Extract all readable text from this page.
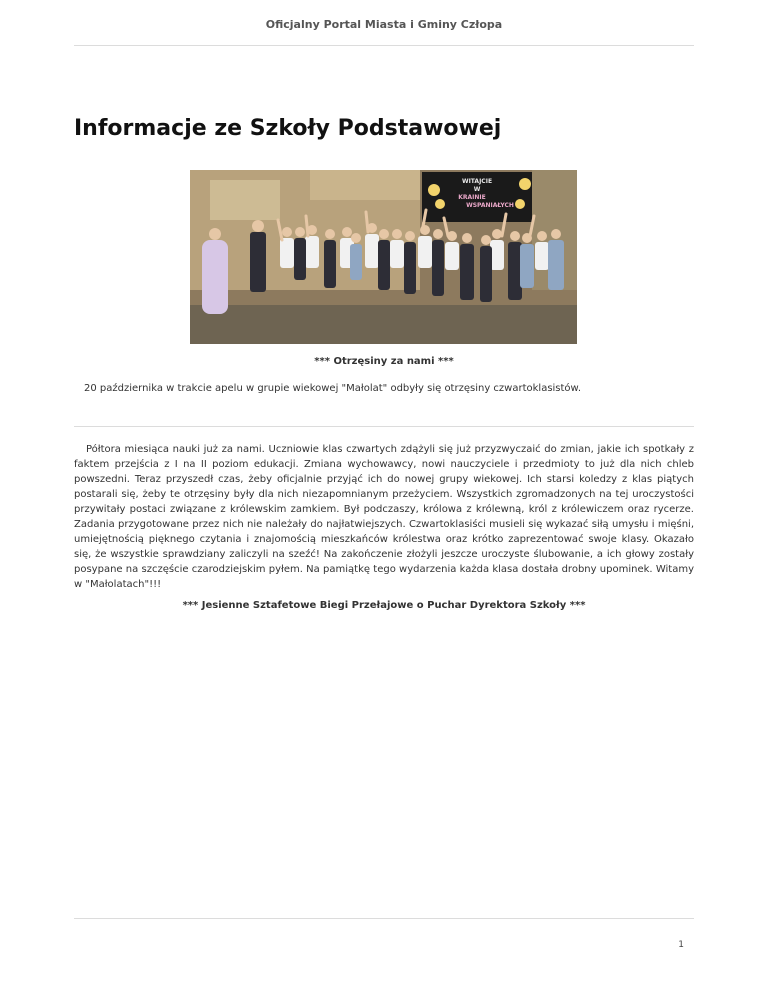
Oficjalny Portal Miasta i Gminy Człopa
Informacje ze Szkoły Podstawowej
WITAJCIE
W
KRAINIE
WSPANIAŁYCH
*** Otrzęsiny za nami ***
20 października w trakcie apelu w grupie wiekowej "Małolat" odbyły się otrzęsiny czwartoklasistów.

Półtora miesiąca nauki już za nami. Uczniowie klas czwartych zdążyli się już przyzwyczaić do zmian, jakie ich spotkały z faktem przejścia z I na II poziom edukacji. Zmiana wychowawcy, nowi nauczyciele i przedmioty to już dla nich chleb powszedni. Teraz przyszedł czas, żeby oficjalnie przyjąć ich do nowej grupy wiekowej. Ich starsi koledzy z klas piątych postarali się, żeby te otrzęsiny były dla nich niezapomnianym przeżyciem. Wszystkich zgromadzonych na tej uroczystości przywitały postaci związane z królewskim zamkiem. Był podczaszy, królowa z królewną, król z królewiczem oraz rycerze. Zadania przygotowane przez nich nie należały do najłatwiejszych. Czwartoklasiści musieli się wykazać siłą umysłu i mięśni, umiejętnością pięknego czytania i znajomością mieszkańców królestwa oraz krótko zaprezentować swoje klasy. Okazało się, że wszystkie sprawdziany zaliczyli na szeźć! Na zakończenie złożyli jeszcze uroczyste ślubowanie, a ich głowy zostały posypane na szczęście czarodziejskim pyłem. Na pamiątkę tego wydarzenia każda klasa dostała drobny upominek. Witamy w "Małolatach"!!!

*** Jesienne Sztafetowe Biegi Przełajowe o Puchar Dyrektora Szkoły ***
1
